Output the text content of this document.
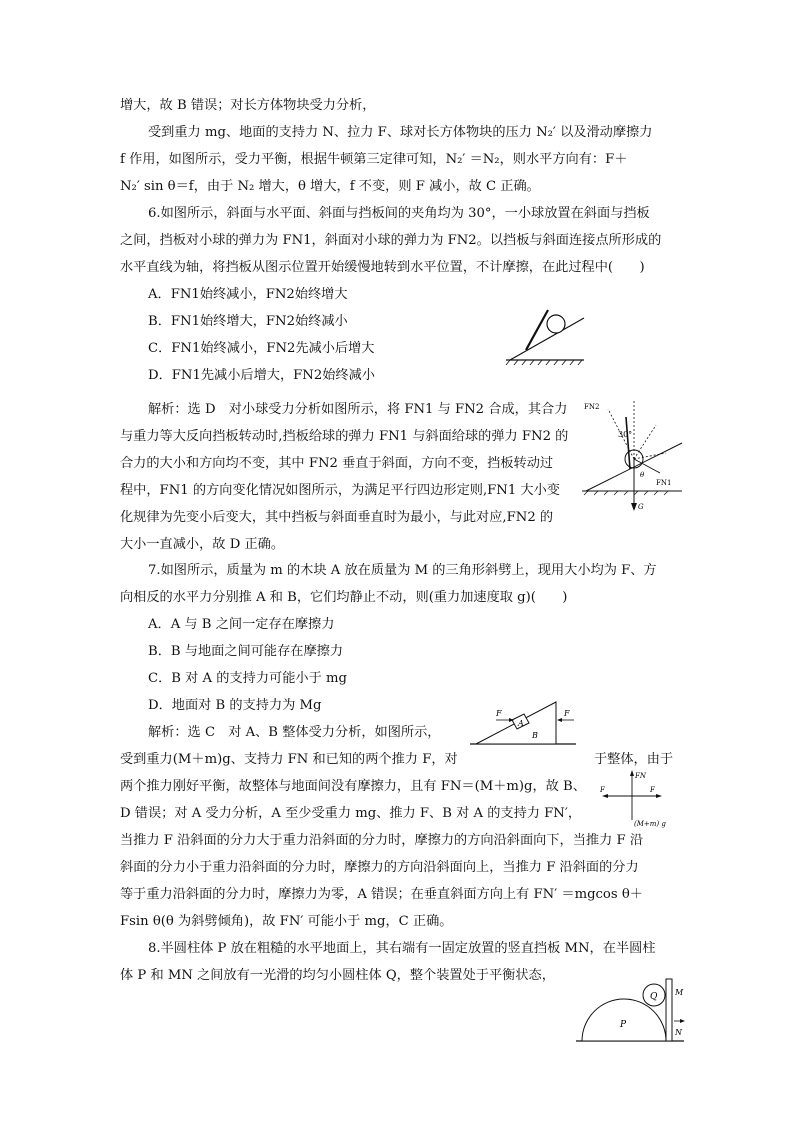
增大，故 B 错误；对长方体物块受力分析，
受到重力 mg、地面的支持力 N、拉力 F、球对长方体物块的压力 N₂′ 以及滑动摩擦力
f 作用，如图所示，受力平衡，根据牛顿第三定律可知，N₂′ ＝N₂，则水平方向有：F＋
N₂′ sin θ＝f，由于 N₂ 增大，θ 增大，f 不变，则 F 减小，故 C 正确。
6.如图所示，斜面与水平面、斜面与挡板间的夹角均为 30°，一小球放置在斜面与挡板
之间，挡板对小球的弹力为 FN1，斜面对小球的弹力为 FN2。以挡板与斜面连接点所形成的
水平直线为轴，将挡板从图示位置开始缓慢地转到水平位置，不计摩擦，在此过程中(　　)
A．FN1始终减小，FN2始终增大
B．FN1始终增大，FN2始终减小
C．FN1始终减小，FN2先减小后增大
D．FN1先减小后增大，FN2始终减小
解析：选 D　对小球受力分析如图所示，将 FN1 与 FN2 合成，其合力
与重力等大反向挡板转动时,挡板给球的弹力 FN1 与斜面给球的弹力 FN2 的
合力的大小和方向均不变，其中 FN2 垂直于斜面，方向不变，挡板转动过
程中，FN1 的方向变化情况如图所示，为满足平行四边形定则,FN1 大小变
化规律为先变小后变大，其中挡板与斜面垂直时为最小，与此对应,FN2 的
大小一直减小，故 D 正确。
FN2
30°
θ
FN1
G
7.如图所示，质量为 m 的木块 A 放在质量为 M 的三角形斜劈上，现用大小均为 F、方
向相反的水平力分别推 A 和 B，它们均静止不动，则(重力加速度取 g)(　　)
A．A 与 B 之间一定存在摩擦力
B．B 与地面之间可能存在摩擦力
C．B 对 A 的支持力可能小于 mg
D．地面对 B 的支持力为 Mg
解析：选 C　对 A、B 整体受力分析，如图所示，
受到重力(M＋m)g、支持力 FN 和已知的两个推力 F，对	于整体，由于
两个推力刚好平衡，故整体与地面间没有摩擦力，且有 FN＝(M＋m)g，故 B、
D 错误；对 A 受力分析，A 至少受重力 mg、推力 F、B 对 A 的支持力 FN′，
当推力 F 沿斜面的分力大于重力沿斜面的分力时，摩擦力的方向沿斜面向下，当推力 F 沿
斜面的分力小于重力沿斜面的分力时，摩擦力的方向沿斜面向上，当推力 F 沿斜面的分力
等于重力沿斜面的分力时，摩擦力为零，A 错误；在垂直斜面方向上有 FN′ ＝mgcos θ＋
Fsin θ(θ 为斜劈倾角)，故 FN′ 可能小于 mg，C 正确。
F
A
B
F
FN
F	F
(M+m) g
8.半圆柱体 P 放在粗糙的水平地面上，其右端有一固定放置的竖直挡板 MN，在半圆柱
体 P 和 MN 之间放有一光滑的均匀小圆柱体 Q，整个装置处于平衡状态，
Q
P
M
N
